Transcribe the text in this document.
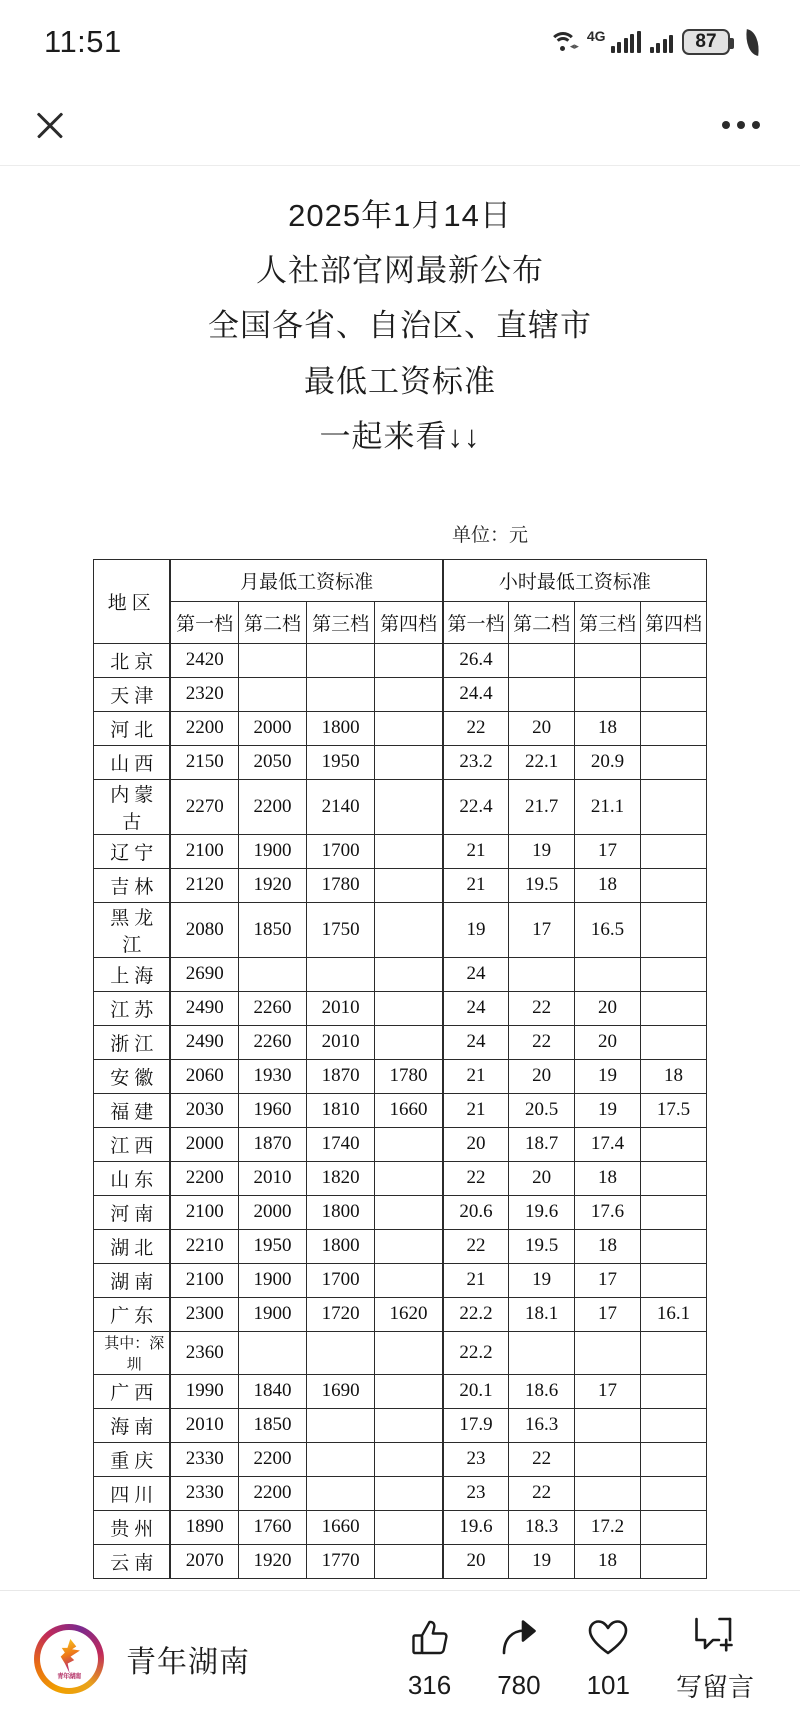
11:51	◂▸
4G	87
2025年1月14日
人社部官网最新公布
全国各省、自治区、直辖市
最低工资标准
一起来看↓↓
单位：元
地区	月最低工资标准				小时最低工资标准			
	第一档	第二档	第三档	第四档	第一档	第二档	第三档	第四档
北京	2420				26.4			
天津	2320				24.4			
河北	2200	2000	1800		22	20	18	
山西	2150	2050	1950		23.2	22.1	20.9	
内蒙古	2270	2200	2140		22.4	21.7	21.1	
辽宁	2100	1900	1700		21	19	17	
吉林	2120	1920	1780		21	19.5	18	
黑龙江	2080	1850	1750		19	17	16.5	
上海	2690				24			
江苏	2490	2260	2010		24	22	20	
浙江	2490	2260	2010		24	22	20	
安徽	2060	1930	1870	1780	21	20	19	18
福建	2030	1960	1810	1660	21	20.5	19	17.5
江西	2000	1870	1740		20	18.7	17.4	
山东	2200	2010	1820		22	20	18	
河南	2100	2000	1800		20.6	19.6	17.6	
湖北	2210	1950	1800		22	19.5	18	
湖南	2100	1900	1700		21	19	17	
广东	2300	1900	1720	1620	22.2	18.1	17	16.1
其中：深圳	2360				22.2			
广西	1990	1840	1690		20.1	18.6	17	
海南	2010	1850			17.9	16.3		
重庆	2330	2200			23	22		
四川	2330	2200			23	22		
贵州	1890	1760	1660		19.6	18.3	17.2	
云南	2070	1920	1770		20	19	18	
青年湖南 青年湖南
316 780 101 写留言
